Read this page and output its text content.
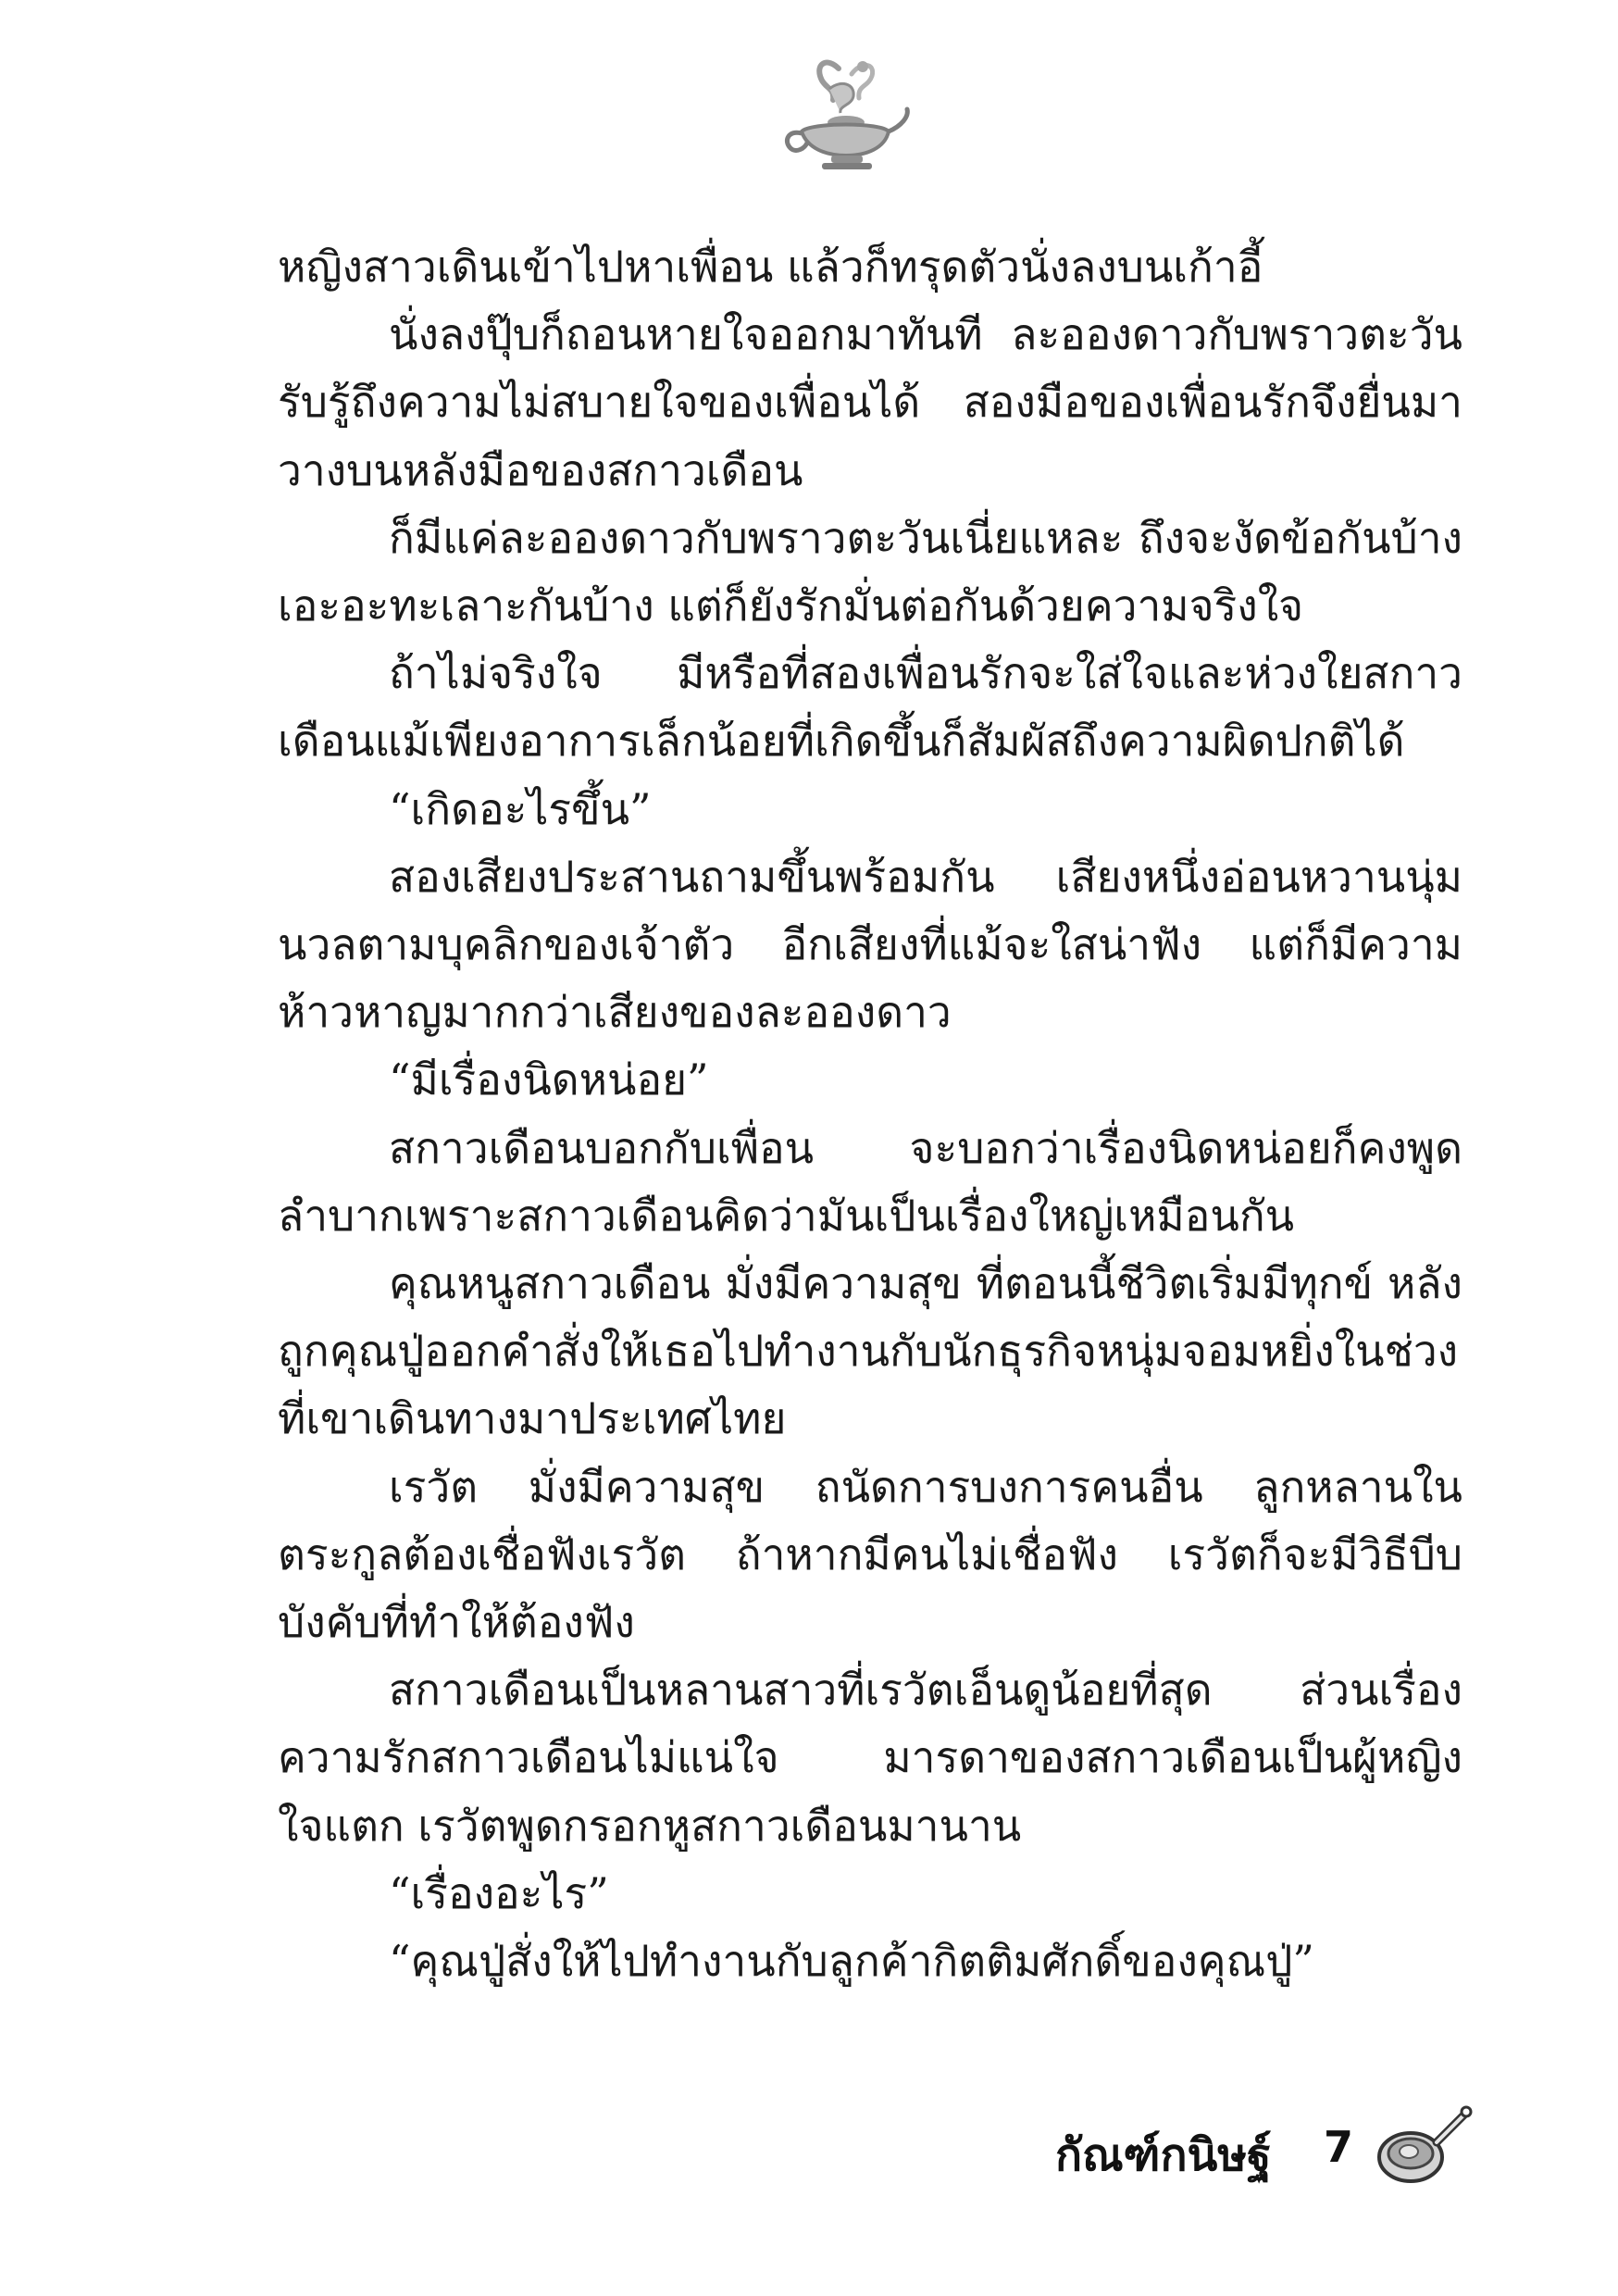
หญิงสาวเดินเข้าไปหาเพื่อน แล้วก็ทรุดตัวนั่งลงบนเก้าอี้

นั่งลงปุ๊บก็ถอนหายใจออกมาทันที ละอองดาวกับพราวตะวันรับรู้ถึงความไม่สบายใจของเพื่อนได้ สองมือของเพื่อนรักจึงยื่นมาวางบนหลังมือของสกาวเดือน

ก็มีแค่ละอองดาวกับพราวตะวันเนี่ยแหละ ถึงจะงัดข้อกันบ้างเอะอะทะเลาะกันบ้าง แต่ก็ยังรักมั่นต่อกันด้วยความจริงใจ

ถ้าไม่จริงใจ มีหรือที่สองเพื่อนรักจะใส่ใจและห่วงใยสกาวเดือนแม้เพียงอาการเล็กน้อยที่เกิดขึ้นก็สัมผัสถึงความผิดปกติได้

“เกิดอะไรขึ้น”

สองเสียงประสานถามขึ้นพร้อมกัน เสียงหนึ่งอ่อนหวานนุ่มนวลตามบุคลิกของเจ้าตัว อีกเสียงที่แม้จะใสน่าฟัง แต่ก็มีความห้าวหาญมากกว่าเสียงของละอองดาว

“มีเรื่องนิดหน่อย”

สกาวเดือนบอกกับเพื่อน จะบอกว่าเรื่องนิดหน่อยก็คงพูดลำบากเพราะสกาวเดือนคิดว่ามันเป็นเรื่องใหญ่เหมือนกัน

คุณหนูสกาวเดือน มั่งมีความสุข ที่ตอนนี้ชีวิตเริ่มมีทุกข์ หลังถูกคุณปู่ออกคำสั่งให้เธอไปทำงานกับนักธุรกิจหนุ่มจอมหยิ่งในช่วงที่เขาเดินทางมาประเทศไทย

เรวัต มั่งมีความสุข ถนัดการบงการคนอื่น ลูกหลานในตระกูลต้องเชื่อฟังเรวัต ถ้าหากมีคนไม่เชื่อฟัง เรวัตก็จะมีวิธีบีบบังคับที่ทำให้ต้องฟัง

สกาวเดือนเป็นหลานสาวที่เรวัตเอ็นดูน้อยที่สุด ส่วนเรื่องความรักสกาวเดือนไม่แน่ใจ มารดาของสกาวเดือนเป็นผู้หญิงใจแตก เรวัตพูดกรอกหูสกาวเดือนมานาน

“เรื่องอะไร”

“คุณปู่สั่งให้ไปทำงานกับลูกค้ากิตติมศักดิ์ของคุณปู่”

กัณฑ์กนิษฐ์ 7
